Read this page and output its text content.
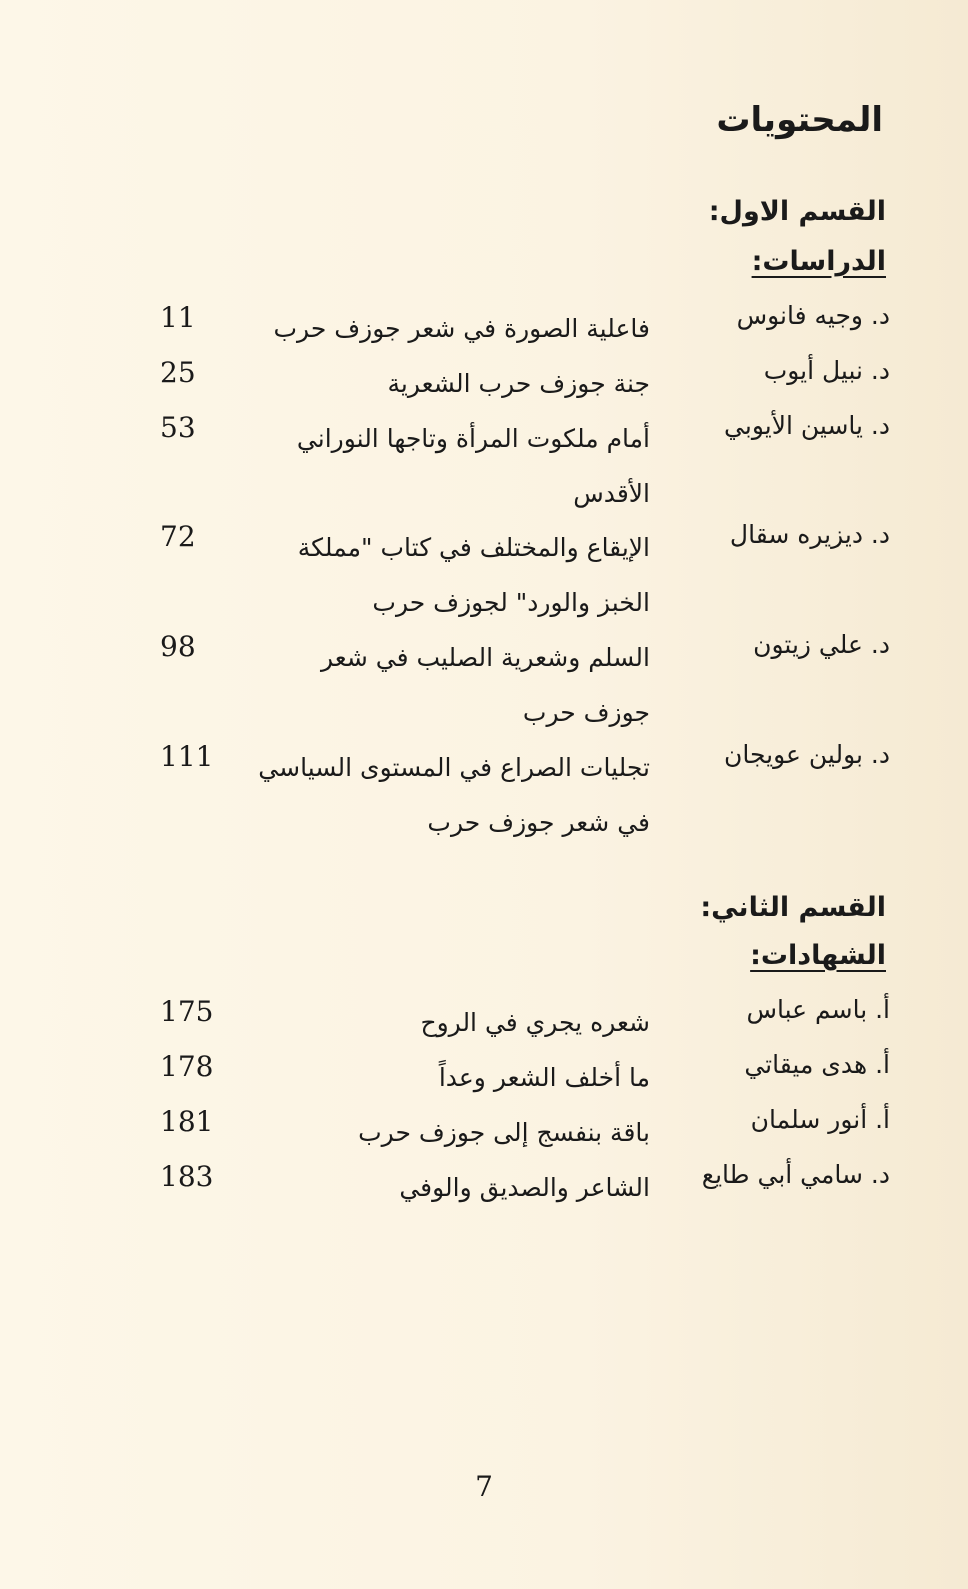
المحتويات
القسم الاول:
الدراسات:
د. وجيه فانوس
فاعلية الصورة في شعر جوزف حرب
11
د. نبيل أيوب
جنة جوزف حرب الشعرية
25
د. ياسين الأيوبي
أمام ملكوت المرأة وتاجها النوراني
الأقدس
53
د. ديزيره سقال
الإيقاع والمختلف في كتاب "مملكة
الخبز والورد" لجوزف حرب
72
د. علي زيتون
السلم وشعرية الصليب في شعر
جوزف حرب
98
د. بولين عويجان
تجليات الصراع في المستوى السياسي
في شعر جوزف حرب
111
القسم الثاني:
الشهادات:
أ. باسم عباس
شعره يجري في الروح
175
أ. هدى ميقاتي
ما أخلف الشعر وعداً
178
أ. أنور سلمان
باقة بنفسج إلى جوزف حرب
181
د. سامي أبي طايع
الشاعر والصديق والوفي
183
7
